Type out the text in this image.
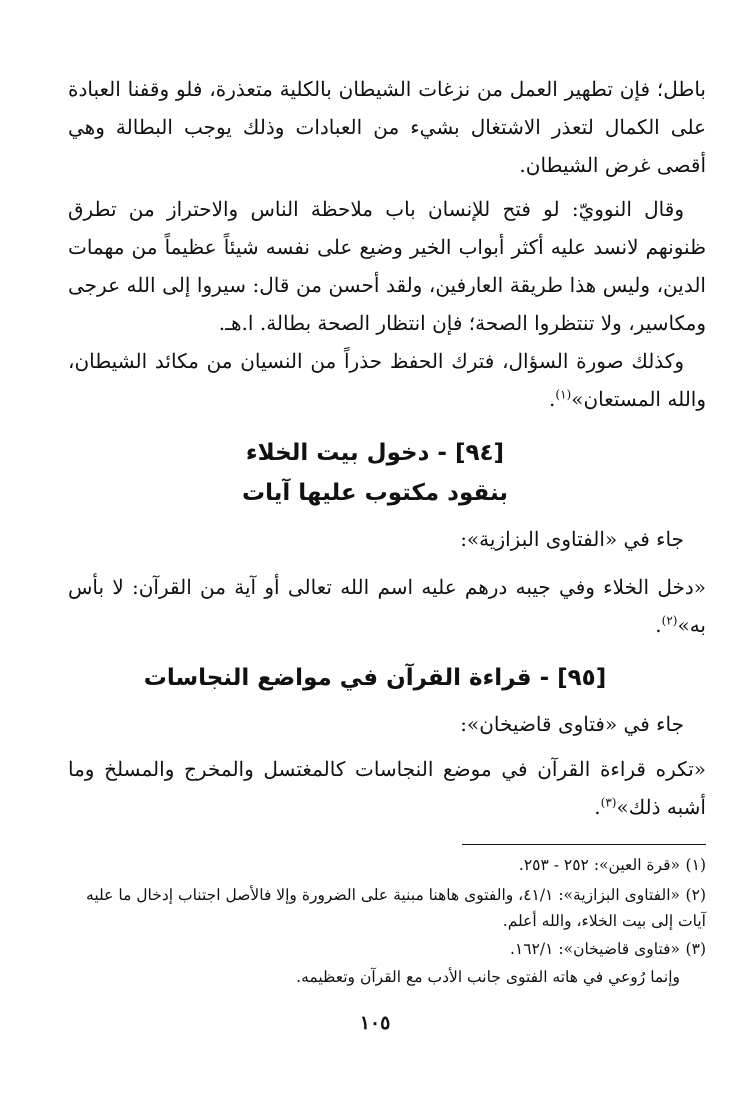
باطل؛ فإن تطهير العمل من نزغات الشيطان بالكلية متعذرة، فلو وقفنا العبادة على الكمال لتعذر الاشتغال بشيء من العبادات وذلك يوجب البطالة وهي أقصى غرض الشيطان.

وقال النوويّ: لو فتح للإنسان باب ملاحظة الناس والاحتراز من تطرق ظنونهم لانسد عليه أكثر أبواب الخير وضيع على نفسه شيئاً عظيماً من مهمات الدين، وليس هذا طريقة العارفين، ولقد أحسن من قال: سيروا إلى الله عرجى ومكاسير، ولا تنتظروا الصحة؛ فإن انتظار الصحة بطالة. ا.هـ.

وكذلك صورة السؤال، فترك الحفظ حذراً من النسيان من مكائد الشيطان، والله المستعان»$^{(١)}$.

[٩٤] - دخول بيت الخلاء
بنقود مكتوب عليها آيات

جاء في «الفتاوى البزازية»:

«دخل الخلاء وفي جيبه درهم عليه اسم الله تعالى أو آية من القرآن: لا بأس به»$^{(٢)}$.

[٩٥] - قراءة القرآن في مواضع النجاسات

جاء في «فتاوى قاضيخان»:

«تكره قراءة القرآن في موضع النجاسات كالمغتسل والمخرج والمسلخ وما أشبه ذلك»$^{(٣)}$.

(١)«قرة العين»: ٢٥٢ - ٢٥٣.

(٢)«الفتاوى البزازية»: ٤١/١، والفتوى هاهنا مبنية على الضرورة وإلا فالأصل اجتناب إدخال ما عليه آيات إلى بيت الخلاء، والله أعلم.

(٣)«فتاوى قاضيخان»: ١٦٢/١.

وإنما رُوعي في هاته الفتوى جانب الأدب مع القرآن وتعظيمه.

١٠٥
